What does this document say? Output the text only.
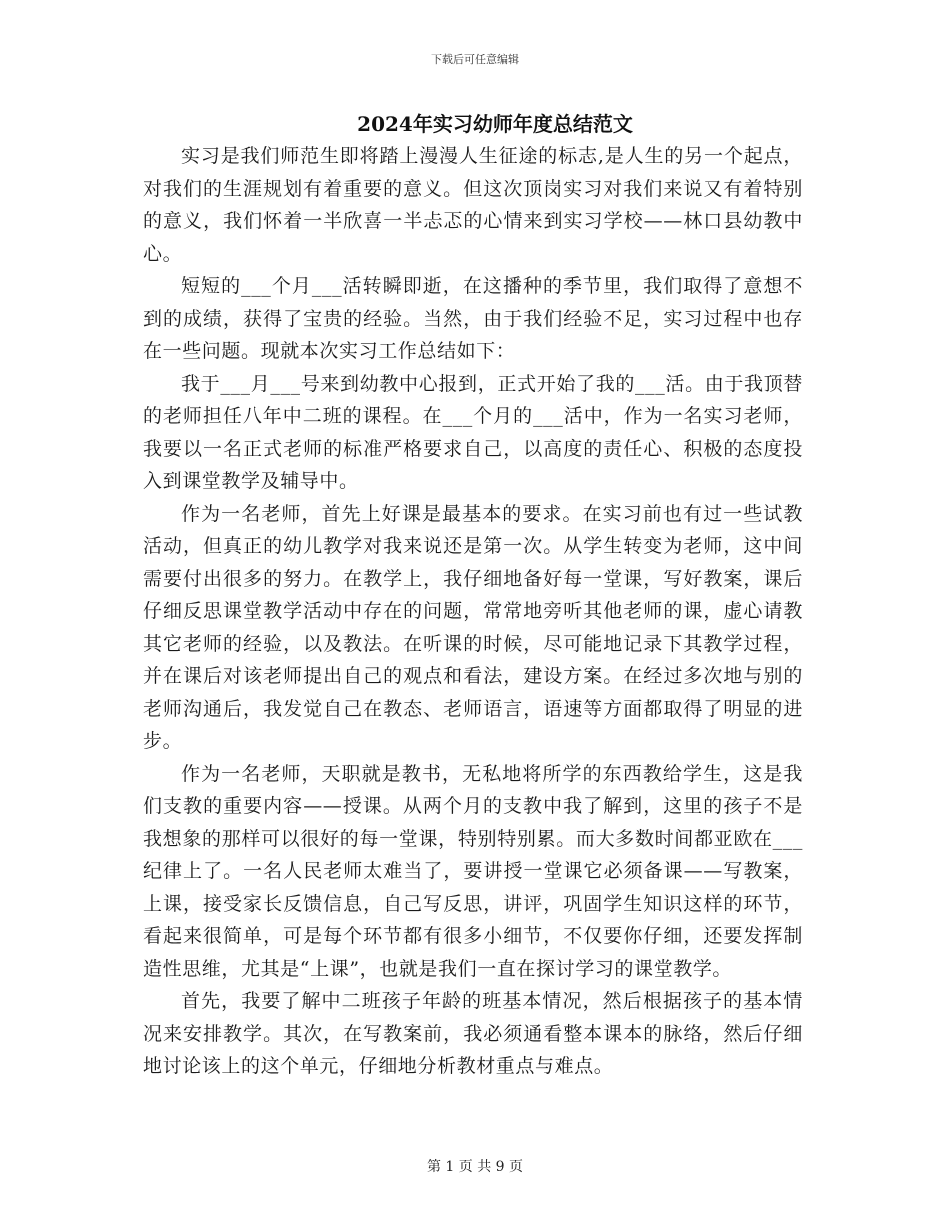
下载后可任意编辑
2024年实习幼师年度总结范文

实习是我们师范生即将踏上漫漫人生征途的标志,是人生的另一个起点，对我们的生涯规划有着重要的意义。但这次顶岗实习对我们来说又有着特别的意义，我们怀着一半欣喜一半忐忑的心情来到实习学校——林口县幼教中心。

短短的___个月___活转瞬即逝，在这播种的季节里，我们取得了意想不到的成绩，获得了宝贵的经验。当然，由于我们经验不足，实习过程中也存在一些问题。现就本次实习工作总结如下：

我于___月___号来到幼教中心报到，正式开始了我的___活。由于我顶替的老师担任八年中二班的课程。在___个月的___活中，作为一名实习老师，我要以一名正式老师的标准严格要求自己，以高度的责任心、积极的态度投入到课堂教学及辅导中。

作为一名老师，首先上好课是最基本的要求。在实习前也有过一些试教活动，但真正的幼儿教学对我来说还是第一次。从学生转变为老师，这中间需要付出很多的努力。在教学上，我仔细地备好每一堂课，写好教案，课后仔细反思课堂教学活动中存在的问题，常常地旁听其他老师的课，虚心请教其它老师的经验，以及教法。在听课的时候，尽可能地记录下其教学过程，并在课后对该老师提出自己的观点和看法，建设方案。在经过多次地与别的老师沟通后，我发觉自己在教态、老师语言，语速等方面都取得了明显的进步。

作为一名老师，天职就是教书，无私地将所学的东西教给学生，这是我们支教的重要内容——授课。从两个月的支教中我了解到，这里的孩子不是我想象的那样可以很好的每一堂课，特别特别累。而大多数时间都亚欧在___纪律上了。一名人民老师太难当了，要讲授一堂课它必须备课——写教案，上课，接受家长反馈信息，自己写反思，讲评，巩固学生知识这样的环节，看起来很简单，可是每个环节都有很多小细节，不仅要你仔细，还要发挥制造性思维，尤其是“上课”，也就是我们一直在探讨学习的课堂教学。

首先，我要了解中二班孩子年龄的班基本情况，然后根据孩子的基本情况来安排教学。其次，在写教案前，我必须通看整本课本的脉络，然后仔细地讨论该上的这个单元，仔细地分析教材重点与难点。

第 1 页 共 9 页
